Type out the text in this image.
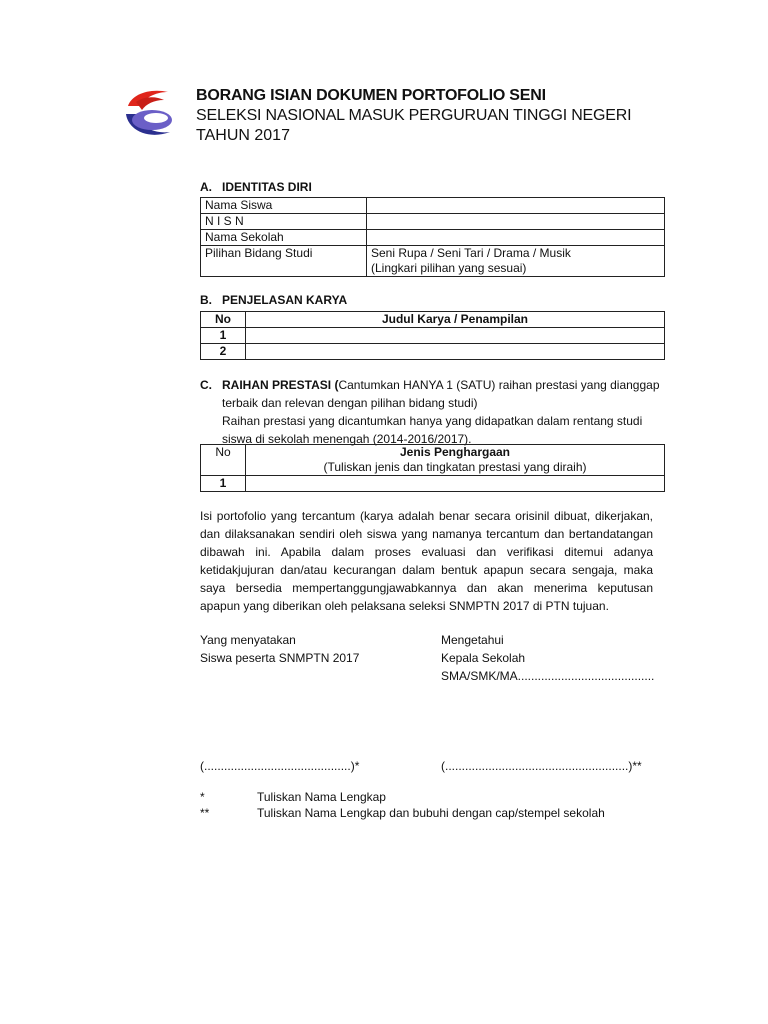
BORANG ISIAN DOKUMEN PORTOFOLIO SENI
SELEKSI NASIONAL MASUK PERGURUAN TINGGI NEGERI
TAHUN 2017
A. IDENTITAS DIRI
Nama Siswa	
N I S N	
Nama Sekolah	
Pilihan Bidang Studi	Seni Rupa / Seni Tari / Drama / Musik
(Lingkari pilihan yang sesuai)
B. PENJELASAN KARYA
No	Judul Karya / Penampilan
1	
2	
C. RAIHAN PRESTASI (Cantumkan HANYA 1 (SATU) raihan prestasi yang dianggap
terbaik dan relevan dengan pilihan bidang studi)
Raihan prestasi yang dicantumkan hanya yang didapatkan dalam rentang studi
siswa di sekolah menengah (2014-2016/2017).
No	Jenis Penghargaan
(Tuliskan jenis dan tingkatan prestasi yang diraih)

1	
Isi portofolio yang tercantum (karya adalah benar secara orisinil dibuat, dikerjakan, dan dilaksanakan sendiri oleh siswa yang namanya tercantum dan bertandatangan dibawah ini. Apabila dalam proses evaluasi dan verifikasi ditemui adanya ketidakjujuran dan/atau kecurangan dalam bentuk apapun secara sengaja, maka saya bersedia mempertanggungjawabkannya dan akan menerima keputusan apapun yang diberikan oleh pelaksana seleksi SNMPTN 2017 di PTN tujuan.
Yang menyatakan
Siswa peserta SNMPTN 2017
Mengetahui
Kepala Sekolah
SMA/SMK/MA.........................................
(............................................)*	(.......................................................)**
*	Tuliskan Nama Lengkap
**	Tuliskan Nama Lengkap dan bubuhi dengan cap/stempel sekolah
